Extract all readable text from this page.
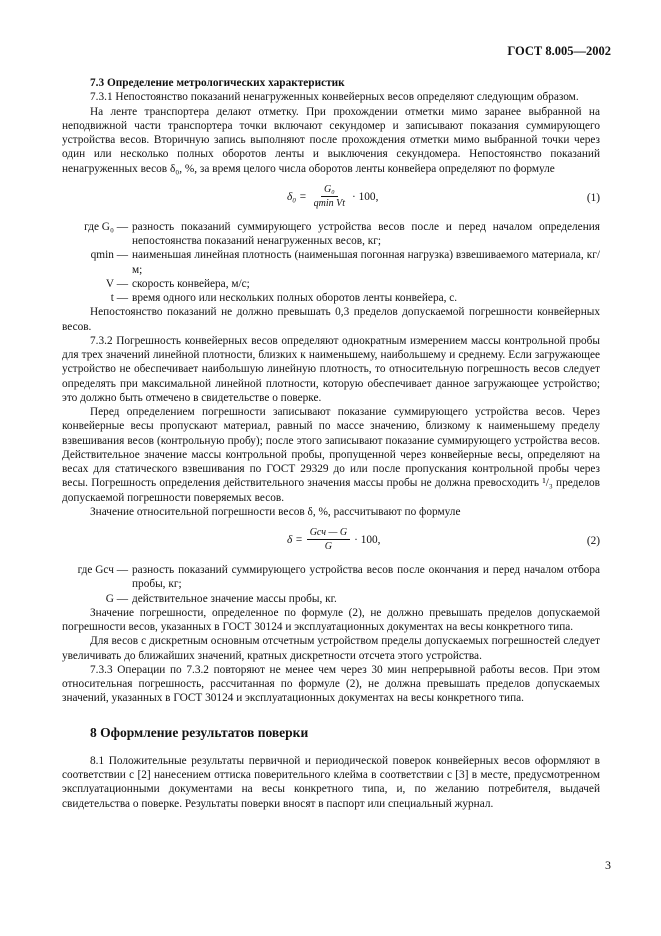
ГОСТ 8.005—2002
7.3 Определение метрологических характеристик

7.3.1 Непостоянство показаний ненагруженных конвейерных весов определяют следующим образом.

На ленте транспортера делают отметку. При прохождении отметки мимо заранее выбранной на неподвижной части транспортера точки включают секундомер и записывают показания суммирующего устройства весов. Вторичную запись выполняют после прохождения отметки мимо выбранной точки через один или несколько полных оборотов ленты и выключения секундомера. Непостоянство показаний ненагруженных весов δ₀, %, за время целого числа оборотов ленты конвейера определяют по формуле

$\delta_0 = \frac{\text{G₀}}{\text{qmin Vt}} \cdot 100$,	(1)
где G₀ — разность показаний суммирующего устройства весов после и перед началом определения непостоянства показаний ненагруженных весов, кг;
qmin — наименьшая линейная плотность (наименьшая погонная нагрузка) взвешиваемого материала, кг/м;
V — скорость конвейера, м/с;
t — время одного или нескольких полных оборотов ленты конвейера, с.

Непостоянство показаний не должно превышать 0,3 пределов допускаемой погрешности конвейерных весов.

7.3.2 Погрешность конвейерных весов определяют однократным измерением массы контрольной пробы для трех значений линейной плотности, близких к наименьшему, наибольшему и среднему. Если загружающее устройство не обеспечивает наибольшую линейную плотность, то относительную погрешность весов следует определять при максимальной линейной плотности, которую обеспечивает данное загружающее устройство; это должно быть отмечено в свидетельстве о поверке.

Перед определением погрешности записывают показание суммирующего устройства весов. Через конвейерные весы пропускают материал, равный по массе значению, близкому к наименьшему пределу взвешивания весов (контрольную пробу); после этого записывают показание суммирующего устройства весов. Действительное значение массы контрольной пробы, пропущенной через конвейерные весы, определяют на весах для статического взвешивания по ГОСТ 29329 до или после пропускания контрольной пробы через весы. Погрешность определения действительного значения массы пробы не должна превосходить ¹/₃ пределов допускаемой погрешности поверяемых весов.

Значение относительной погрешности весов δ, %, рассчитывают по формуле

$\delta = \frac{\text{Gсч — G}}{G} \cdot 100$,	(2)
где Gсч — разность показаний суммирующего устройства весов после окончания и перед началом отбора пробы, кг;
G — действительное значение массы пробы, кг.

Значение погрешности, определенное по формуле (2), не должно превышать пределов допускаемой погрешности весов, указанных в ГОСТ 30124 и эксплуатационных документах на весы конкретного типа.

Для весов с дискретным основным отсчетным устройством пределы допускаемых погрешностей следует увеличивать до ближайших значений, кратных дискретности отсчета этого устройства.

7.3.3 Операции по 7.3.2 повторяют не менее чем через 30 мин непрерывной работы весов. При этом относительная погрешность, рассчитанная по формуле (2), не должна превышать пределов допускаемых значений, указанных в ГОСТ 30124 и эксплуатационных документах на весы конкретного типа.

8 Оформление результатов поверки

8.1 Положительные результаты первичной и периодической поверок конвейерных весов оформляют в соответствии с [2] нанесением оттиска поверительного клейма в соответствии с [3] в месте, предусмотренном эксплуатационными документами на весы конкретного типа, и, по желанию потребителя, выдачей свидетельства о поверке. Результаты поверки вносят в паспорт или специальный журнал.

3
